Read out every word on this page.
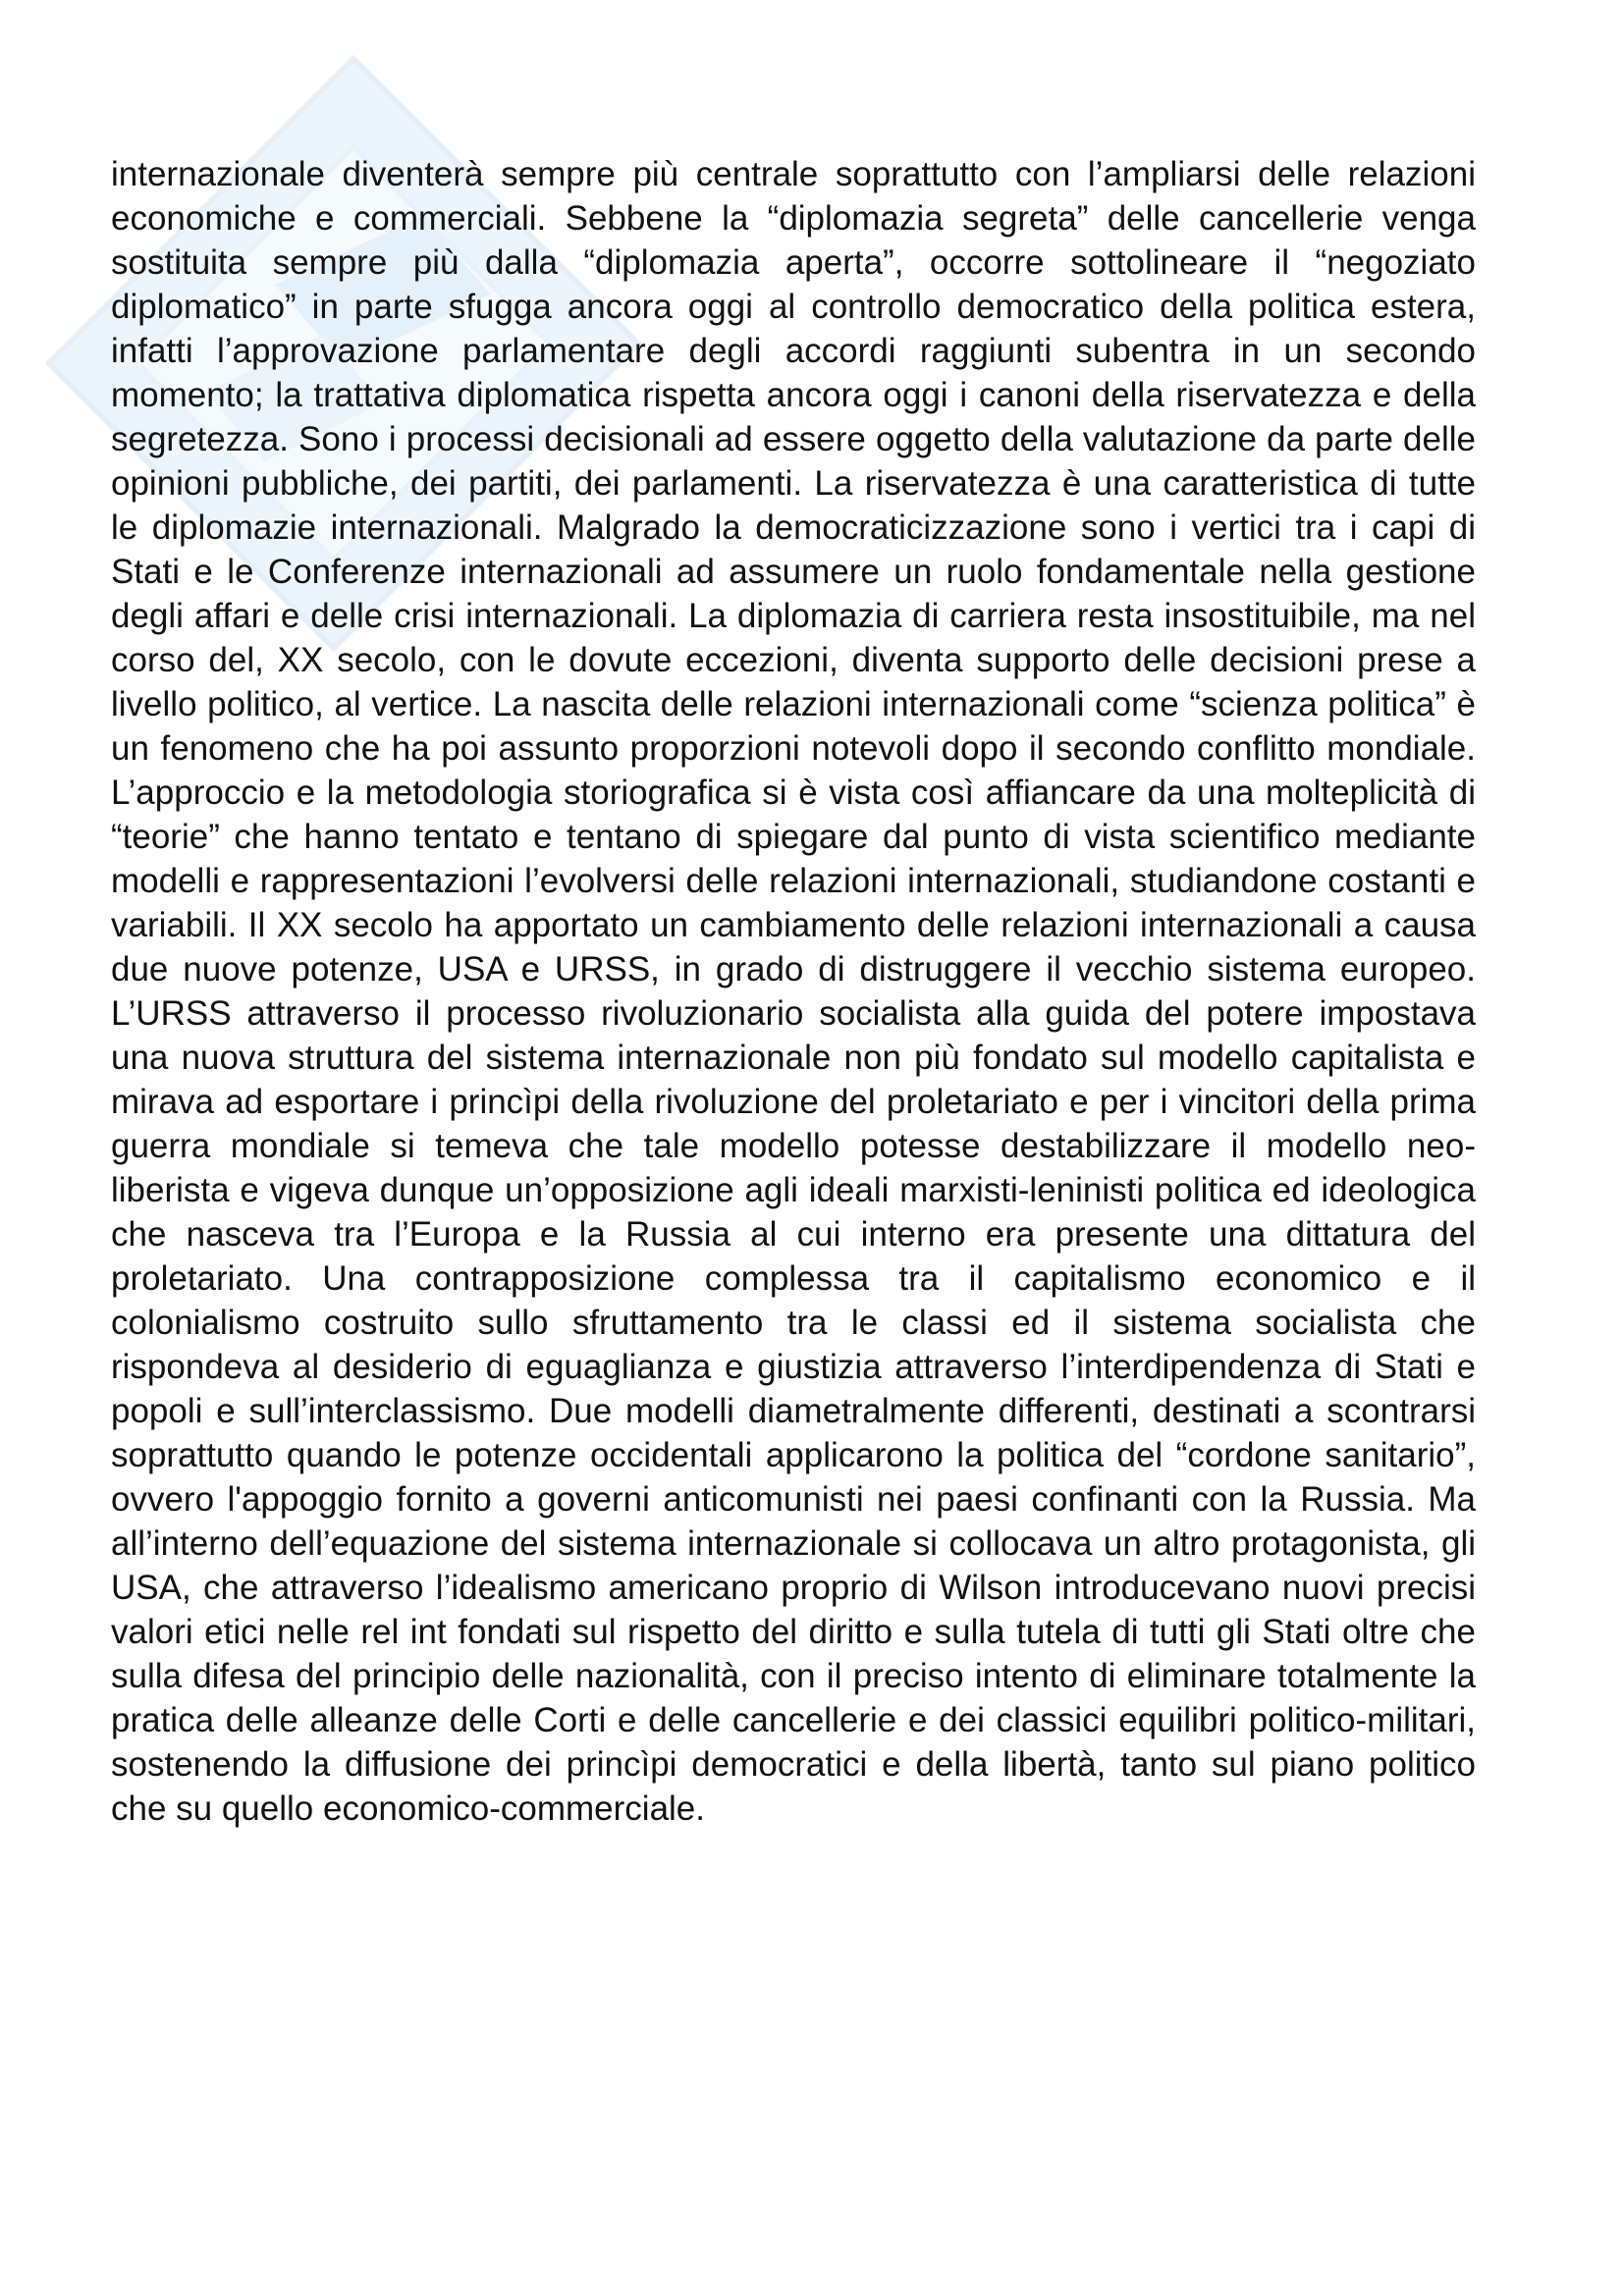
internazionale diventerà sempre più centrale soprattutto con l’ampliarsi delle relazioni economiche e commerciali. Sebbene la “diplomazia segreta” delle cancellerie venga sostituita sempre più dalla “diplomazia aperta”, occorre sottolineare il “negoziato diplomatico” in parte sfugga ancora oggi al controllo democratico della politica estera, infatti l’approvazione parlamentare degli accordi raggiunti subentra in un secondo momento; la trattativa diplomatica rispetta ancora oggi i canoni della riservatezza e della segretezza. Sono i processi decisionali ad essere oggetto della valutazione da parte delle opinioni pubbliche, dei partiti, dei parlamenti. La riservatezza è una caratteristica di tutte le diplomazie internazionali. Malgrado la democraticizzazione sono i vertici tra i capi di Stati e le Conferenze internazionali ad assumere un ruolo fondamentale nella gestione degli affari e delle crisi internazionali. La diplomazia di carriera resta insostituibile, ma nel corso del, XX secolo, con le dovute eccezioni, diventa supporto delle decisioni prese a livello politico, al vertice. La nascita delle relazioni internazionali come “scienza politica” è un fenomeno che ha poi assunto proporzioni notevoli dopo il secondo conflitto mondiale. L’approccio e la metodologia storiografica si è vista così affiancare da una molteplicità di “teorie” che hanno tentato e tentano di spiegare dal punto di vista scientifico mediante modelli e rappresentazioni l’evolversi delle relazioni internazionali, studiandone costanti e variabili. Il XX secolo ha apportato un cambiamento delle relazioni internazionali a causa due nuove potenze, USA e URSS, in grado di distruggere il vecchio sistema europeo. L’URSS attraverso il processo rivoluzionario socialista alla guida del potere impostava una nuova struttura del sistema internazionale non più fondato sul modello capitalista e mirava ad esportare i princìpi della rivoluzione del proletariato e per i vincitori della prima guerra mondiale si temeva che tale modello potesse destabilizzare il modello neo-liberista e vigeva dunque un’opposizione agli ideali marxisti-leninisti politica ed ideologica che nasceva tra l’Europa e la Russia al cui interno era presente una dittatura del proletariato. Una contrapposizione complessa tra il capitalismo economico e il colonialismo costruito sullo sfruttamento tra le classi ed il sistema socialista che rispondeva al desiderio di eguaglianza e giustizia attraverso l’interdipendenza di Stati e popoli e sull’interclassismo. Due modelli diametralmente differenti, destinati a scontrarsi soprattutto quando le potenze occidentali applicarono la politica del “cordone sanitario”, ovvero l'appoggio fornito a governi anticomunisti nei paesi confinanti con la Russia. Ma all’interno dell’equazione del sistema internazionale si collocava un altro protagonista, gli USA, che attraverso l’idealismo americano proprio di Wilson introducevano nuovi precisi valori etici nelle rel int fondati sul rispetto del diritto e sulla tutela di tutti gli Stati oltre che sulla difesa del principio delle nazionalità, con il preciso intento di eliminare totalmente la pratica delle alleanze delle Corti e delle cancellerie e dei classici equilibri politico-militari, sostenendo la diffusione dei princìpi democratici e della libertà, tanto sul piano politico che su quello economico-commerciale.
